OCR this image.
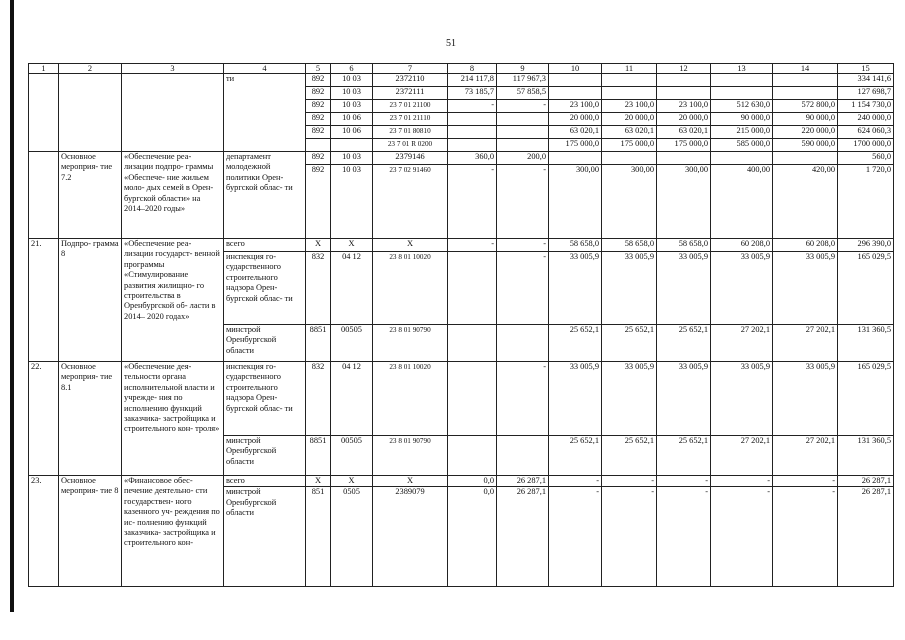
51
1	2	3	4	5	6	7	8	9	10	11	12	13	14	15
			ти	892	10 03	2372110	214 117,8	117 967,3						334 141,6
				892	10 03	2372111	73 185,7	57 858,5						127 698,7
				892	10 03	23 7 01 21100	-	-	23 100,0	23 100,0	23 100,0	512 630,0	572 800,0	1 154 730,0
				892	10 06	23 7 01 21110			20 000,0	20 000,0	20 000,0	90 000,0	90 000,0	240 000,0
				892	10 06	23 7 01 80810			63 020,1	63 020,1	63 020,1	215 000,0	220 000,0	624 060,3
						23 7 01 R 0200			175 000,0	175 000,0	175 000,0	585 000,0	590 000,0	1700 000,0
	Основное мероприя- тие 7.2	«Обеспечение реа- лизации подпро- граммы «Обеспече- ние жильем моло- дых семей в Орен- бургской области» на 2014–2020 годы»	департамент молодежной политики Орен- бургской облас- ти	892	10 03	2379146	360,0	200,0						560,0
				892	10 03	23 7 02 91460	-	-	300,00	300,00	300,00	400,00	420,00	1 720,0
21.	Подпро- грамма 8	«Обеспечение реа- лизации государст- венной программы «Стимулирование развития жилищно- го строительства в Оренбургской об- ласти в 2014– 2020 годах»	всего	X	X	X	-	-	58 658,0	58 658,0	58 658,0	60 208,0	60 208,0	296 390,0
			инспекция го- сударственного строительного надзора Орен- бургской облас- ти	832	04 12	23 8 01 10020		-	33 005,9	33 005,9	33 005,9	33 005,9	33 005,9	165 029,5
			минстрой Оренбургской области	8851	00505	23 8 01 90790			25 652,1	25 652,1	25 652,1	27 202,1	27 202,1	131 360,5
22.	Основное мероприя- тие 8.1	«Обеспечение дея- тельности органа исполнительной власти и учрежде- ния по исполнению функций заказчика- застройщика и строительного кон- троля»	инспекция го- сударственного строительного надзора Орен- бургской облас- ти	832	04 12	23 8 01 10020		-	33 005,9	33 005,9	33 005,9	33 005,9	33 005,9	165 029,5
			минстрой Оренбургской области	8851	00505	23 8 01 90790			25 652,1	25 652,1	25 652,1	27 202,1	27 202,1	131 360,5
23.	Основное мероприя- тие 8	«Финансовое обес- печение деятельно- сти государствен- ного казенного уч- реждения по ис- полнению функций заказчика- застройщика и строительного кон-	всего	X	X	X	0,0	26 287,1	-	-	-	-	-	26 287,1
			минстрой Оренбургской области	851	0505	2389079	0,0	26 287,1	-	-	-	-	-	26 287,1
